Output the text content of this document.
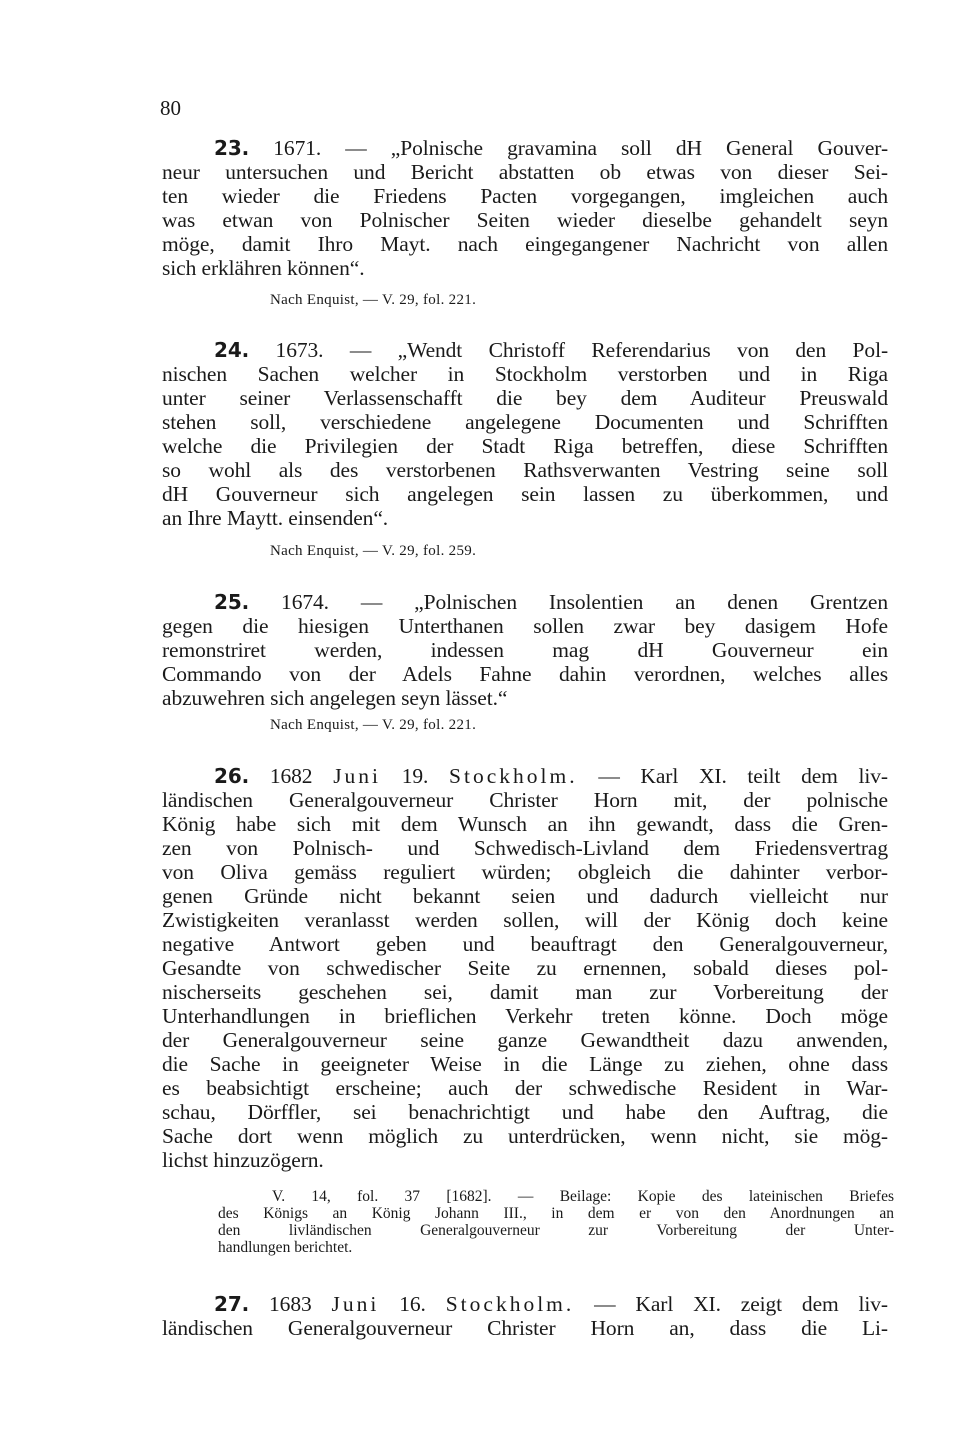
80
23. 1671. — „Polnische gravamina soll dH General Gouver-
neur untersuchen und Bericht abstatten ob etwas von dieser Sei-
ten wieder die Friedens Pacten vorgegangen, imgleichen auch
was etwan von Polnischer Seiten wieder dieselbe gehandelt seyn
möge, damit Ihro Mayt. nach eingegangener Nachricht von allen
sich erklähren können“.
Nach Enquist, — V. 29, fol. 221.
24. 1673. — „Wendt Christoff Referendarius von den Pol-
nischen Sachen welcher in Stockholm verstorben und in Riga
unter seiner Verlassenschafft die bey dem Auditeur Preuswald
stehen soll, verschiedene angelegene Documenten und Schrifften
welche die Privilegien der Stadt Riga betreffen, diese Schrifften
so wohl als des verstorbenen Rathsverwanten Vestring seine soll
dH Gouverneur sich angelegen sein lassen zu überkommen, und
an Ihre Maytt. einsenden“.
Nach Enquist, — V. 29, fol. 259.
25. 1674. — „Polnischen Insolentien an denen Grentzen
gegen die hiesigen Unterthanen sollen zwar bey dasigem Hofe
remonstriret werden, indessen mag dH Gouverneur ein
Commando von der Adels Fahne dahin verordnen, welches alles
abzuwehren sich angelegen seyn lässet.“
Nach Enquist, — V. 29, fol. 221.
26. 1682 Juni 19. Stockholm. — Karl XI. teilt dem liv-
ländischen Generalgouverneur Christer Horn mit, der polnische
König habe sich mit dem Wunsch an ihn gewandt, dass die Gren-
zen von Polnisch- und Schwedisch-Livland dem Friedensvertrag
von Oliva gemäss reguliert würden; obgleich die dahinter verbor-
genen Gründe nicht bekannt seien und dadurch vielleicht nur
Zwistigkeiten veranlasst werden sollen, will der König doch keine
negative Antwort geben und beauftragt den Generalgouverneur,
Gesandte von schwedischer Seite zu ernennen, sobald dieses pol-
nischerseits geschehen sei, damit man zur Vorbereitung der
Unterhandlungen in brieflichen Verkehr treten könne. Doch möge
der Generalgouverneur seine ganze Gewandtheit dazu anwenden,
die Sache in geeigneter Weise in die Länge zu ziehen, ohne dass
es beabsichtigt erscheine; auch der schwedische Resident in War-
schau, Dörffler, sei benachrichtigt und habe den Auftrag, die
Sache dort wenn möglich zu unterdrücken, wenn nicht, sie mög-
lichst hinzuzögern.
V. 14, fol. 37 [1682]. — Beilage: Kopie des lateinischen Briefes
des Königs an König Johann III., in dem er von den Anordnungen an
den livländischen Generalgouverneur zur Vorbereitung der Unter-
handlungen berichtet.
27. 1683 Juni 16. Stockholm. — Karl XI. zeigt dem liv-
ländischen Generalgouverneur Christer Horn an, dass die Li-
